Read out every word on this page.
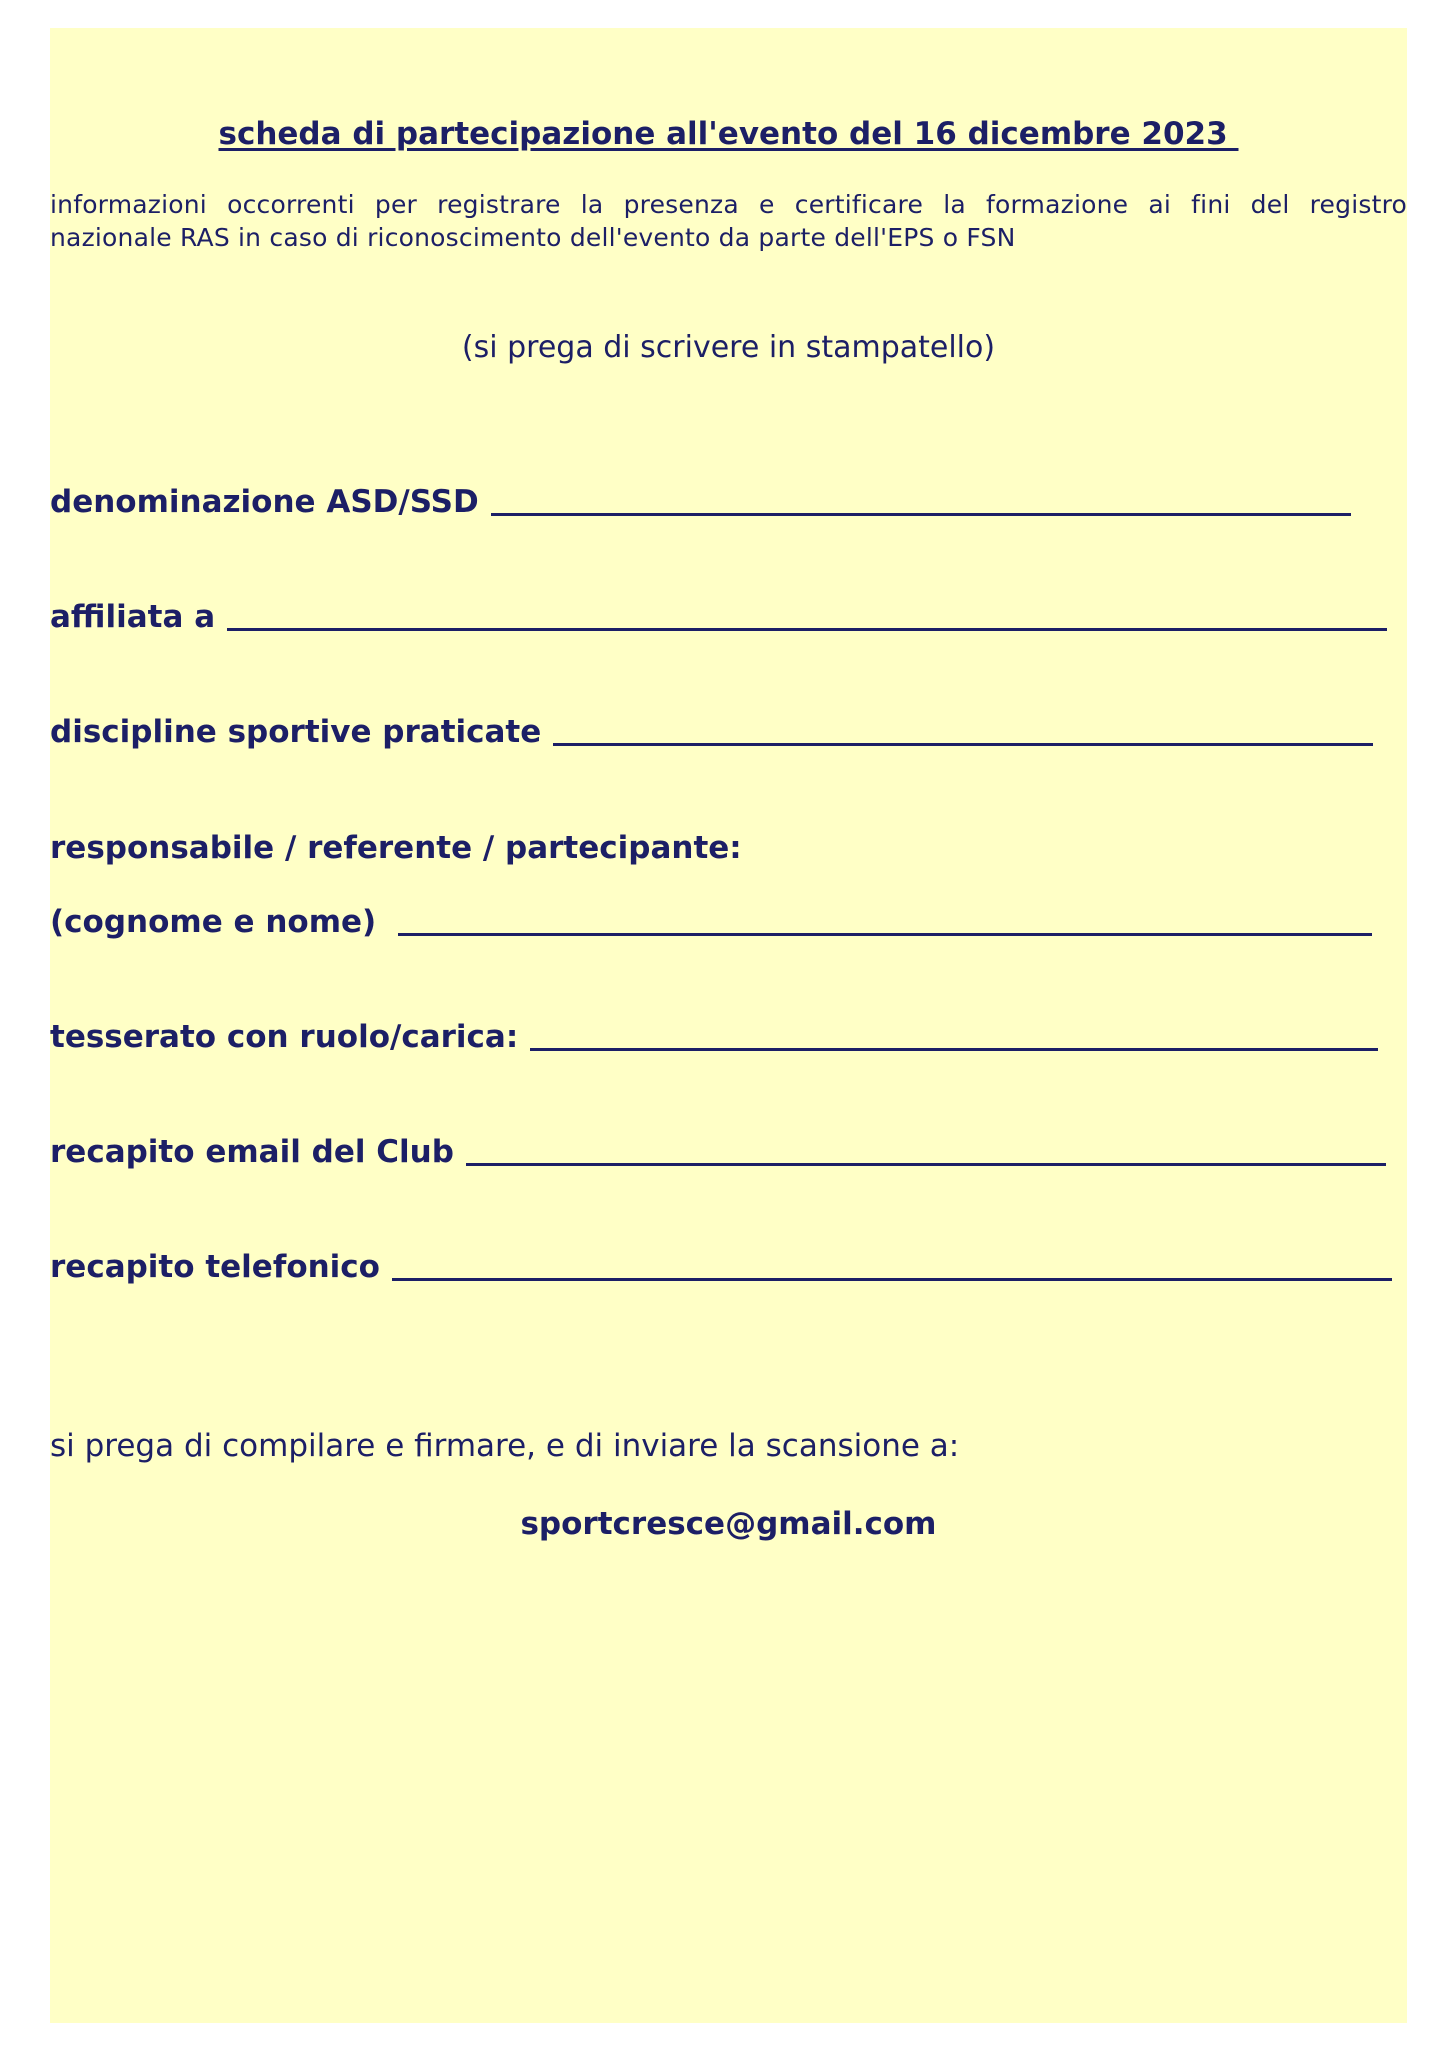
scheda di partecipazione all'evento del 16 dicembre 2023
informazioni occorrenti per registrare la presenza e certificare la formazione ai fini del registro
nazionale RAS in caso di riconoscimento dell'evento da parte dell'EPS o FSN
(si prega di scrivere in stampatello)
denominazione ASD/SSD
affiliata a
discipline sportive praticate
responsabile / referente / partecipante:
(cognome e nome)
tesserato con ruolo/carica:
recapito email del Club
recapito telefonico
si prega di compilare e firmare, e di inviare la scansione a:
sportcresce@gmail.com
